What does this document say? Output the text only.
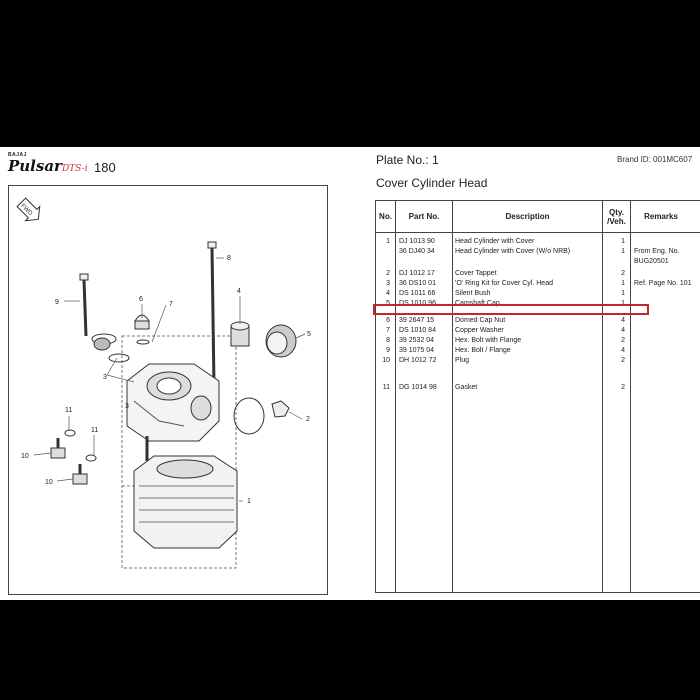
BAJAJ
PulsarDTS-i 180
FWD
1
2
3
3
4
5
6
7
8
9
10
10
11
11
Plate No.: 1	Brand ID: 001MC607
Cover Cylinder Head
No.	Part No.	Description	Qty. /Veh.	Remarks
1 DJ 1013 90	Head Cylinder with Cover	1
36 DJ40 34	Head Cylinder with Cover (W/o NRB)	1 From Eng. No.
BUG20501
2 DJ 1012 17	Cover Tappet	2
3 36 DS10 01	'O' Ring Kit for Cover Cyl. Head	1 Ref. Page No. 101
4 DS 1011 66	Silent Bush	1
5 DS 1010 96	Camshaft Cap	1
6 39 2647 15	Domed Cap Nut	4
7 DS 1010 84	Copper Washer	4
8 39 2532 04	Hex. Bolt with Flange	2
9 39 1075 04	Hex. Bolt / Flange	4
10 DH 1012 72	Plug	2
11 DG 1014 98	Gasket	2
